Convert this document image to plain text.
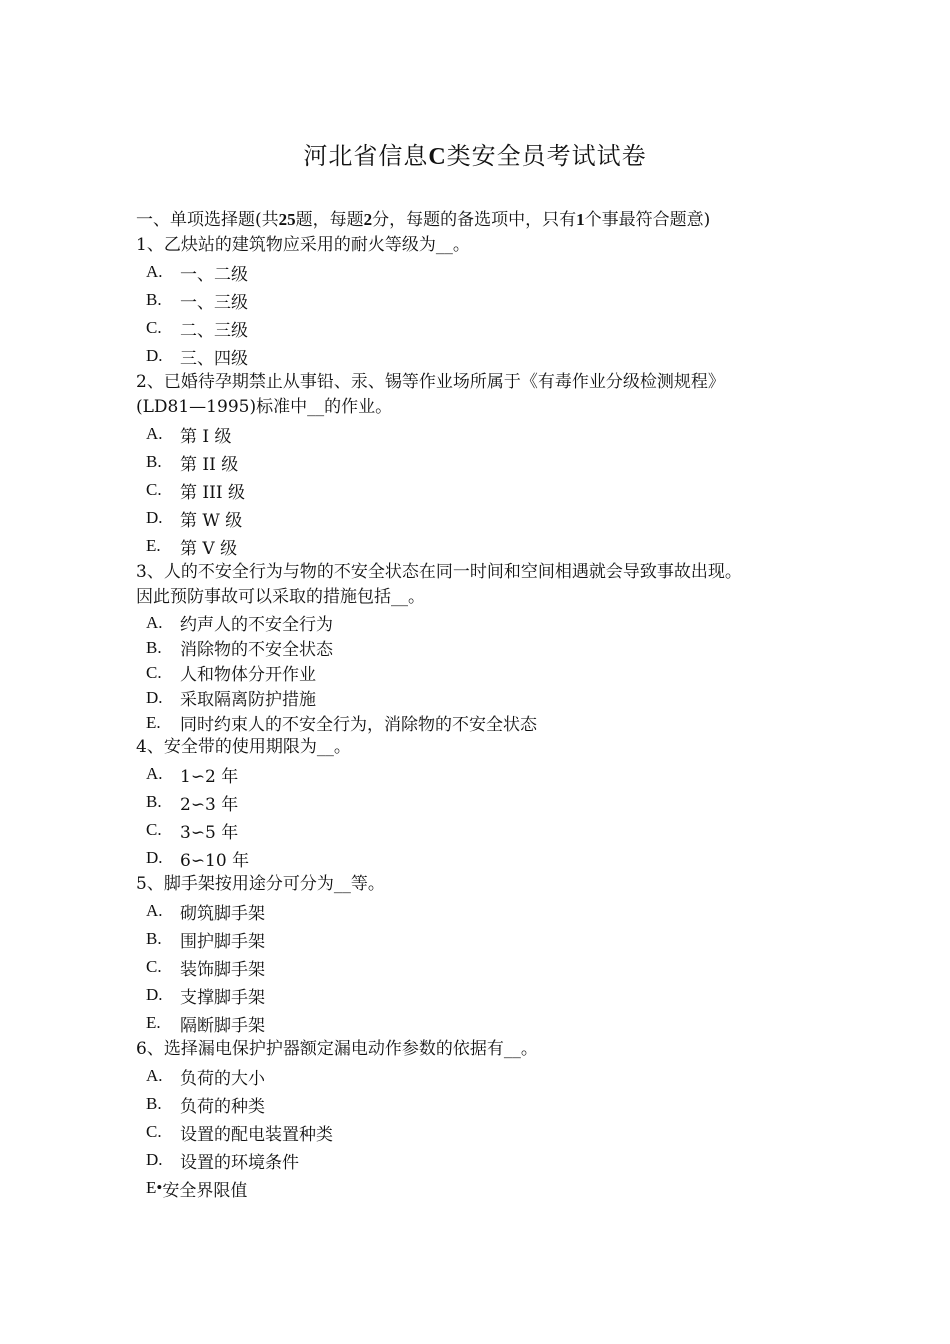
河北省信息C类安全员考试试卷
一、单项选择题(共25题，每题2分，每题的备选项中，只有1个事最符合题意)
1、乙炔站的建筑物应采用的耐火等级为__。
A.	一、二级
B.	一、三级
C.	二、三级
D.	三、四级
2、已婚待孕期禁止从事铅、汞、锡等作业场所属于《有毒作业分级检测规程》
(LD81—1995)标准中__的作业。
A.	第 I 级
B.	第 II 级
C.	第 III 级
D.	第 W 级
E.	第 V 级
3、人的不安全行为与物的不安全状态在同一时间和空间相遇就会导致事故出现。
因此预防事故可以采取的措施包括__。
A.	约声人的不安全行为
B.	消除物的不安全状态
C.	人和物体分开作业
D.	采取隔离防护措施
E.	同时约束人的不安全行为，消除物的不安全状态
4、安全带的使用期限为__。
A.	1∽2 年
B.	2∽3 年
C.	3∽5 年
D.	6∽10 年
5、脚手架按用途分可分为__等。
A.	砌筑脚手架
B.	围护脚手架
C.	装饰脚手架
D.	支撑脚手架
E.	隔断脚手架
6、选择漏电保护护器额定漏电动作参数的依据有__。
A.	负荷的大小
B.	负荷的种类
C.	设置的配电装置种类
D.	设置的环境条件
E• 安全界限值
